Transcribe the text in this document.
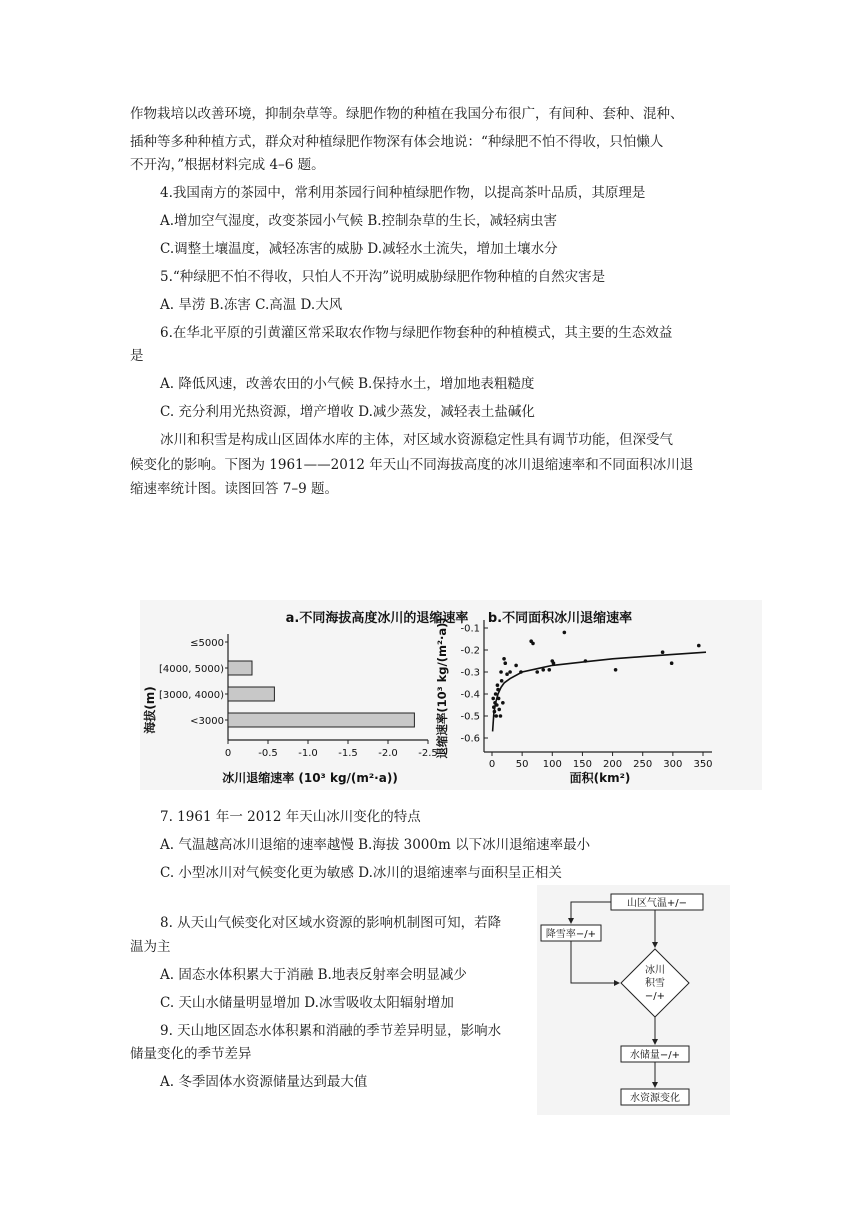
作物栽培以改善环境，抑制杂草等。绿肥作物的种植在我国分布很广，有间种、套种、混种、
插种等多种种植方式，群众对种植绿肥作物深有体会地说：“种绿肥不怕不得收，只怕懒人
不开沟，”根据材料完成 4–6 题。
4.我国南方的茶园中，常利用茶园行间种植绿肥作物，以提高茶叶品质，其原理是
A.增加空气湿度，改变茶园小气候 B.控制杂草的生长，减轻病虫害
C.调整土壤温度，减轻冻害的威胁 D.减轻水土流失，增加土壤水分
5.“种绿肥不怕不得收，只怕人不开沟”说明威胁绿肥作物种植的自然灾害是
A. 旱涝 B.冻害 C.高温 D.大风
6.在华北平原的引黄灌区常采取农作物与绿肥作物套种的种植模式，其主要的生态效益
是
A. 降低风速，改善农田的小气候 B.保持水土，增加地表粗糙度
C. 充分利用光热资源，增产增收 D.减少蒸发，减轻表土盐碱化
冰川和积雪是构成山区固体水库的主体，对区域水资源稳定性具有调节功能，但深受气
候变化的影响。下图为 1961——2012 年天山不同海拔高度的冰川退缩速率和不同面积冰川退
缩速率统计图。读图回答 7–9 题。
a.不同海拔高度冰川的退缩速率
海拔(m)
冰川退缩速率 (10³ kg/(m²·a))
≤5000
[4000, 5000)
[3000, 4000)
<3000
0	-0.5 -1.0 -1.5 -2.0 -2.5
b.不同面积冰川退缩速率
退缩速率(10³ kg/(m²·a))
面积(km²)
-0.1
-0.2
-0.3
-0.4
-0.5
-0.6
0 50 100 150 200 250 300 350
7. 1961 年一 2012 年天山冰川变化的特点
A. 气温越高冰川退缩的速率越慢 B.海拔 3000m 以下冰川退缩速率最小
C. 小型冰川对气候变化更为敏感 D.冰川的退缩速率与面积呈正相关
8. 从天山气候变化对区域水资源的影响机制图可知，若降
温为主
A. 固态水体积累大于消融 B.地表反射率会明显减少
C. 天山水储量明显增加 D.冰雪吸收太阳辐射增加
9. 天山地区固态水体积累和消融的季节差异明显，影响水
储量变化的季节差异
A. 冬季固体水资源储量达到最大值
山区气温+/−
降雪率−/+
冰川
积雪
−/+
水储量−/+
水资源变化
